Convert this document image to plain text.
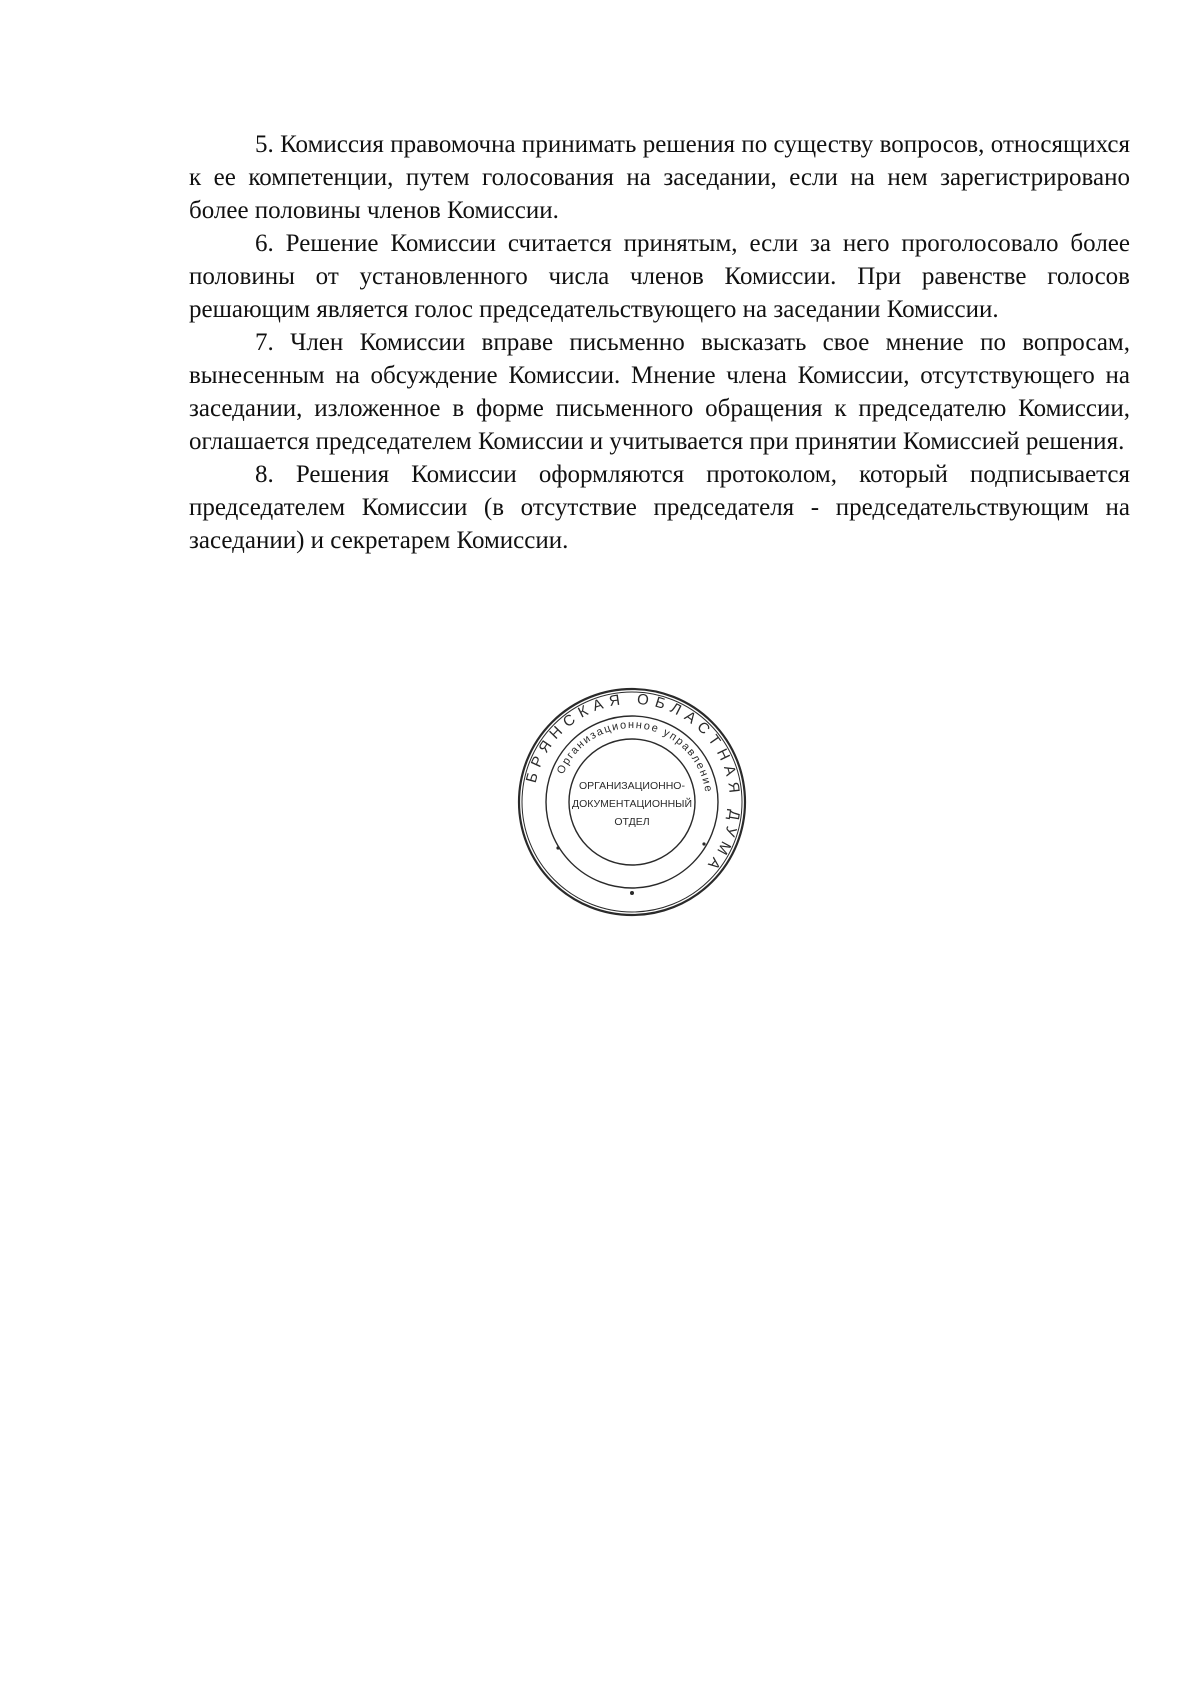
5. Комиссия правомочна принимать решения по существу вопросов, относящихся к ее компетенции, путем голосования на заседании, если на нем зарегистрировано более половины членов Комиссии.

6. Решение Комиссии считается принятым, если за него проголосовало более половины от установленного числа членов Комиссии. При равенстве голосов решающим является голос председательствующего на заседании Комиссии.

7. Член Комиссии вправе письменно высказать свое мнение по вопросам, вынесенным на обсуждение Комиссии. Мнение члена Комиссии, отсутствующего на заседании, изложенное в форме письменного обращения к председателю Комиссии, оглашается председателем Комиссии и учитывается при принятии Комиссией решения.

8. Решения Комиссии оформляются протоколом, который подписывается председателем Комиссии (в отсутствие председателя - председательствующим на заседании) и секретарем Комиссии.

БРЯНСКАЯ ОБЛАСТНАЯ ДУМА
Организационное управление
ОРГАНИЗАЦИОННО-
ДОКУМЕНТАЦИОННЫЙ
ОТДЕЛ
